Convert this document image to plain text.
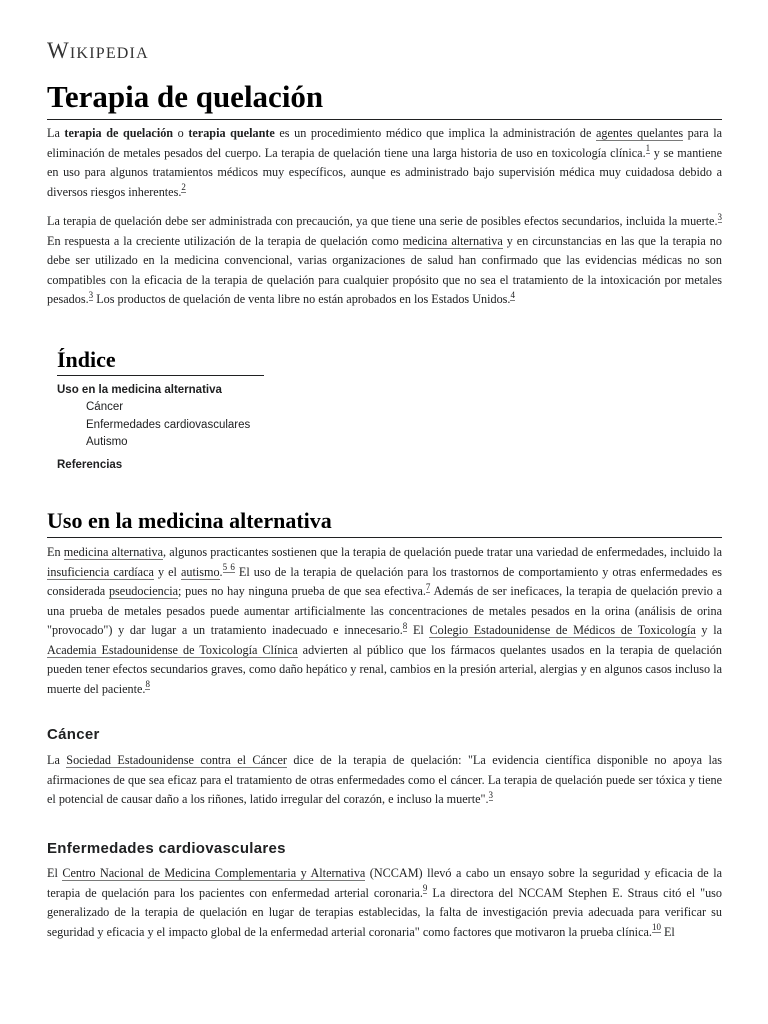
Wikipedia
Terapia de quelación

La terapia de quelación o terapia quelante es un procedimiento médico que implica la administración de agentes quelantes para la eliminación de metales pesados del cuerpo. La terapia de quelación tiene una larga historia de uso en toxicología clínica.$^1$ y se mantiene en uso para algunos tratamientos médicos muy específicos, aunque es administrado bajo supervisión médica muy cuidadosa debido a diversos riesgos inherentes.$^2$

La terapia de quelación debe ser administrada con precaución, ya que tiene una serie de posibles efectos secundarios, incluida la muerte.$^3$ En respuesta a la creciente utilización de la terapia de quelación como medicina alternativa y en circunstancias en las que la terapia no debe ser utilizado en la medicina convencional, varias organizaciones de salud han confirmado que las evidencias médicas no son compatibles con la eficacia de la terapia de quelación para cualquier propósito que no sea el tratamiento de la intoxicación por metales pesados.$^3$ Los productos de quelación de venta libre no están aprobados en los Estados Unidos.$^4$

Índice
Uso en la medicina alternativa
Cáncer
Enfermedades cardiovasculares
Autismo
Referencias
Uso en la medicina alternativa

En medicina alternativa, algunos practicantes sostienen que la terapia de quelación puede tratar una variedad de enfermedades, incluido la insuficiencia cardíaca y el autismo.$^{5 6}$ El uso de la terapia de quelación para los trastornos de comportamiento y otras enfermedades es considerada pseudociencia; pues no hay ninguna prueba de que sea efectiva.$^7$ Además de ser ineficaces, la terapia de quelación previo a una prueba de metales pesados puede aumentar artificialmente las concentraciones de metales pesados en la orina (análisis de orina "provocado") y dar lugar a un tratamiento inadecuado e innecesario.$^8$ El Colegio Estadounidense de Médicos de Toxicología y la Academia Estadounidense de Toxicología Clínica advierten al público que los fármacos quelantes usados en la terapia de quelación pueden tener efectos secundarios graves, como daño hepático y renal, cambios en la presión arterial, alergias y en algunos casos incluso la muerte del paciente.$^8$

Cáncer

La Sociedad Estadounidense contra el Cáncer dice de la terapia de quelación: "La evidencia científica disponible no apoya las afirmaciones de que sea eficaz para el tratamiento de otras enfermedades como el cáncer. La terapia de quelación puede ser tóxica y tiene el potencial de causar daño a los riñones, latido irregular del corazón, e incluso la muerte".$^3$

Enfermedades cardiovasculares

El Centro Nacional de Medicina Complementaria y Alternativa (NCCAM) llevó a cabo un ensayo sobre la seguridad y eficacia de la terapia de quelación para los pacientes con enfermedad arterial coronaria.$^9$ La directora del NCCAM Stephen E. Straus citó el "uso generalizado de la terapia de quelación en lugar de terapias establecidas, la falta de investigación previa adecuada para verificar su seguridad y eficacia y el impacto global de la enfermedad arterial coronaria" como factores que motivaron la prueba clínica.$^{10}$ El
